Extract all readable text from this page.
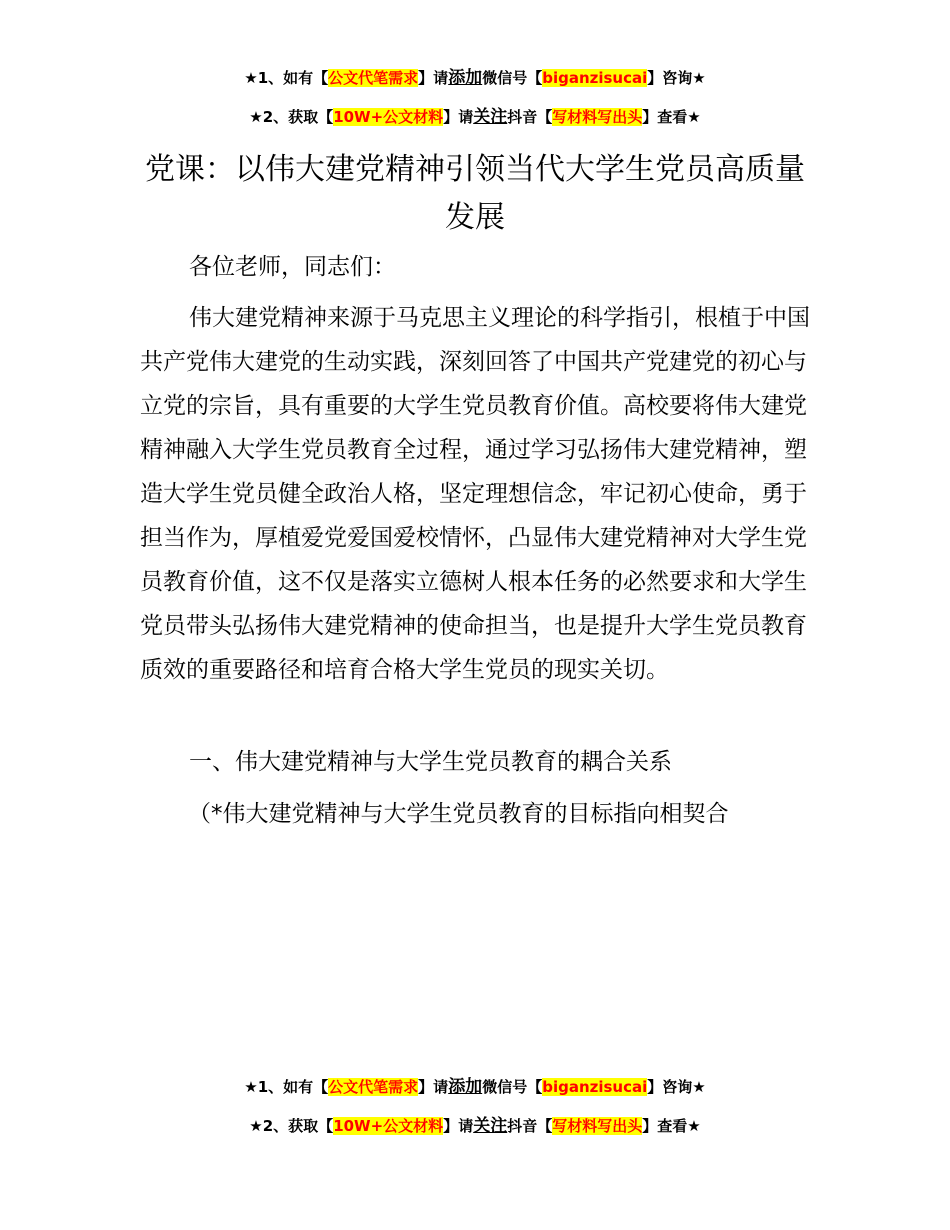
★1、如有【公文代笔需求】请添加微信号【biganzisucai】咨询★
★2、获取【10W+公文材料】请关注抖音【写材料写出头】查看★
党课：以伟大建党精神引领当代大学生党员高质量发展

各位老师，同志们：

伟大建党精神来源于马克思主义理论的科学指引，根植于中国共产党伟大建党的生动实践，深刻回答了中国共产党建党的初心与立党的宗旨，具有重要的大学生党员教育价值。高校要将伟大建党精神融入大学生党员教育全过程，通过学习弘扬伟大建党精神，塑造大学生党员健全政治人格，坚定理想信念，牢记初心使命，勇于担当作为，厚植爱党爱国爱校情怀，凸显伟大建党精神对大学生党员教育价值，这不仅是落实立德树人根本任务的必然要求和大学生党员带头弘扬伟大建党精神的使命担当，也是提升大学生党员教育质效的重要路径和培育合格大学生党员的现实关切。

一、伟大建党精神与大学生党员教育的耦合关系

（*伟大建党精神与大学生党员教育的目标指向相契合

★1、如有【公文代笔需求】请添加微信号【biganzisucai】咨询★
★2、获取【10W+公文材料】请关注抖音【写材料写出头】查看★
